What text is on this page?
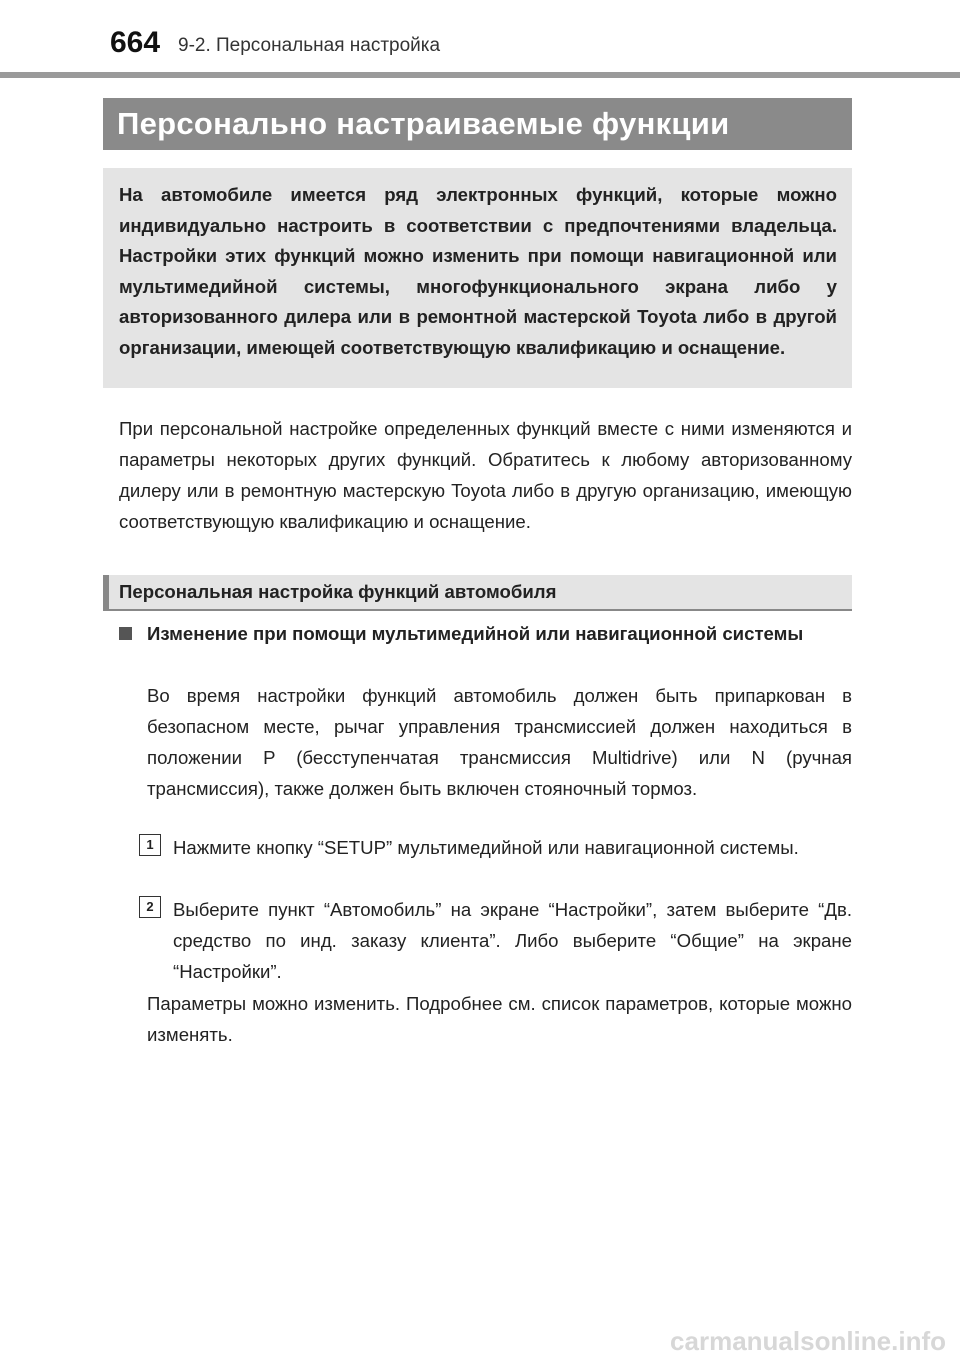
664 9-2. Персональная настройка
Персонально настраиваемые функции

На автомобиле имеется ряд электронных функций, которые можно индивидуально настроить в соответствии с предпочтениями владельца. Настройки этих функций можно изменить при помощи навигационной или мультимедийной системы, многофункционального экрана либо у авторизованного дилера или в ремонтной мастерской Toyota либо в другой организации, имеющей соответствующую квалификацию и оснащение.

При персональной настройке определенных функций вместе с ними изменяются и параметры некоторых других функций. Обратитесь к любому авторизованному дилеру или в ремонтную мастерскую Toyota либо в другую организацию, имеющую соответствующую квалификацию и оснащение.

Персональная настройка функций автомобиля
Изменение при помощи мультимедийной или навигационной системы

Во время настройки функций автомобиль должен быть припаркован в безопасном месте, рычаг управления трансмиссией должен находиться в положении P (бесступенчатая трансмиссия Multidrive) или N (ручная трансмиссия), также должен быть включен стояночный тормоз.

1	Нажмите кнопку “SETUP” мультимедийной или навигационной системы.
2	Выберите пункт “Автомобиль” на экране “Настройки”, затем выберите “Дв. средство по инд. заказу клиента”. Либо выберите “Общие” на экране “Настройки”.

Параметры можно изменить. Подробнее см. список параметров, которые можно изменять.

carmanualsonline.info
